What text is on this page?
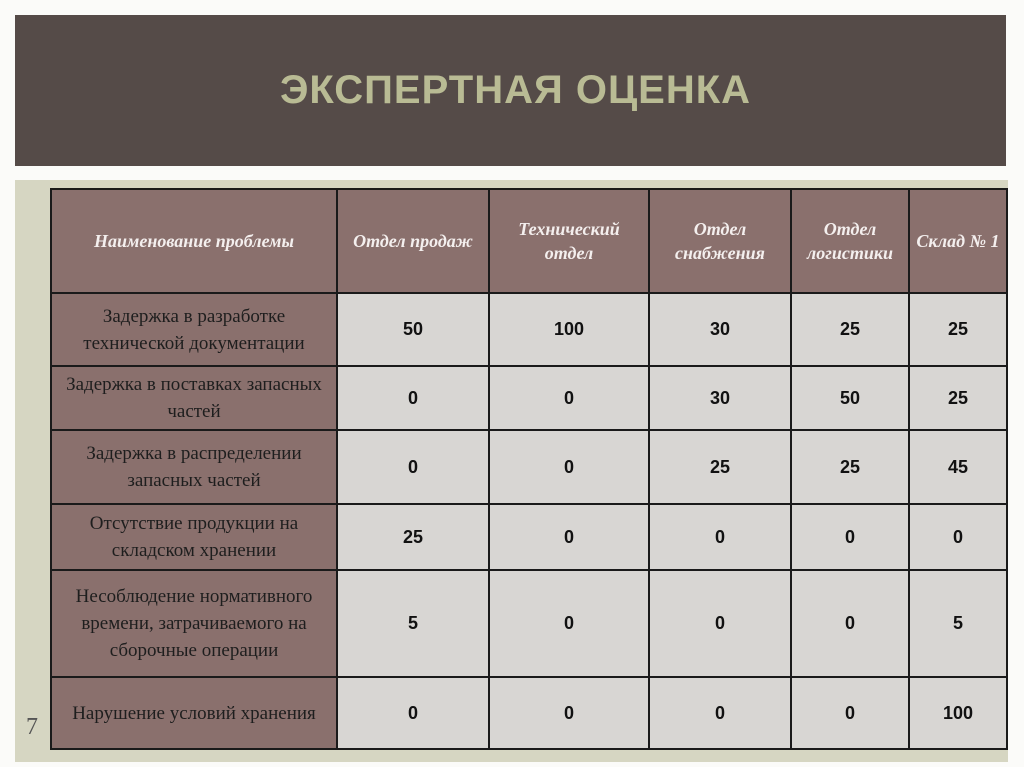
ЭКСПЕРТНАЯ ОЦЕНКА
7
Наименование проблемы	Отдел продаж	Технический отдел	Отдел снабжения	Отдел логистики	Склад № 1
Задержка в разработке технической документации	50	100	30	25	25
Задержка в поставках запасных частей	0	0	30	50	25
Задержка в распределении запасных частей	0	0	25	25	45
Отсутствие продукции на складском хранении	25	0	0	0	0
Несоблюдение нормативного времени, затрачиваемого на сборочные операции	5	0	0	0	5
Нарушение условий хранения	0	0	0	0	100
